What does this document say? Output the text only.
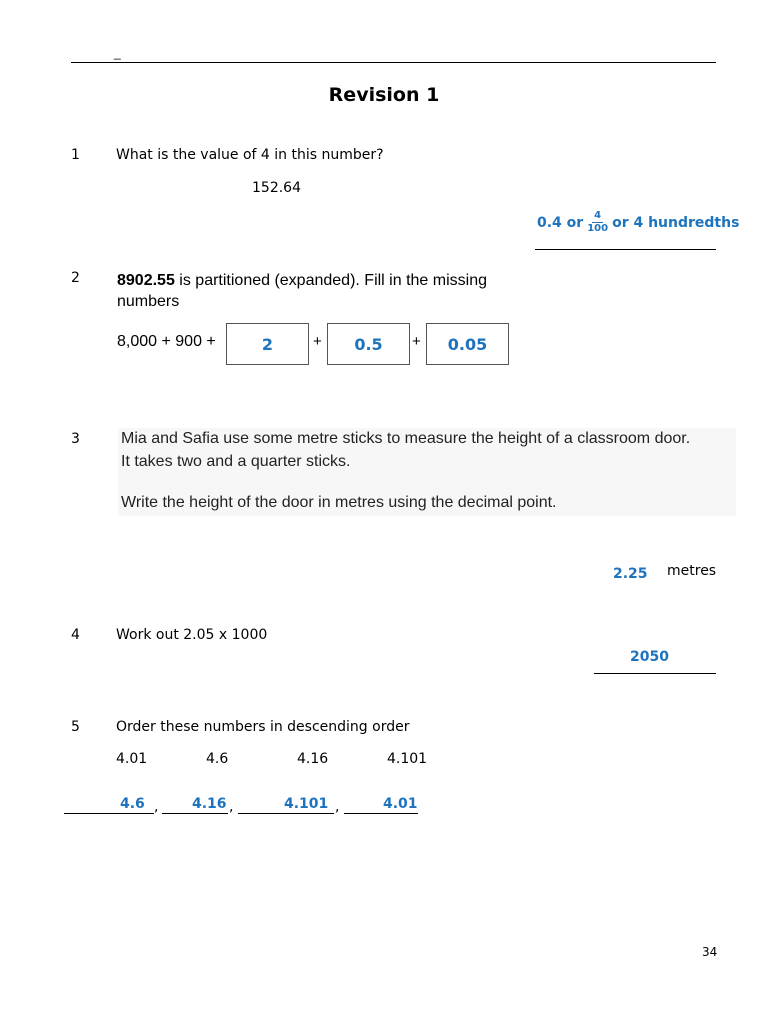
_
Revision 1
1	What is the value of 4 in this number?
152.64
0.4 or $\frac{4}{100}$ or 4 hundredths
2 8902.55 is partitioned (expanded). Fill in the missing numbers
8,000 + 900 +	2	+ 0.5 + 0.05
3	Mia and Safia use some metre sticks to measure the height of a classroom door.
It takes two and a quarter sticks.
Write the height of the door in metres using the decimal point.
2.25 metres
4	Work out 2.05 x 1000
2050
5	Order these numbers in descending order
4.01	4.6	4.16	4.101
4.6 , 4.16 ,	4.101 ,	4.01
34
